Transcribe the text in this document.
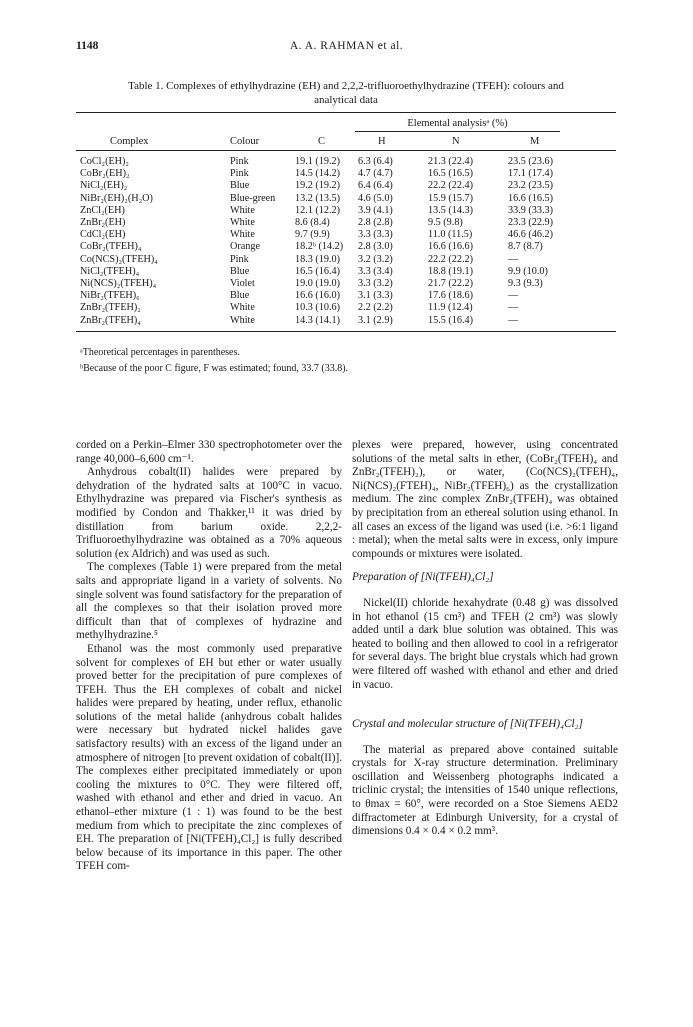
1148	A. A. RAHMAN et al.
Table 1. Complexes of ethylhydrazine (EH) and 2,2,2-trifluoroethylhydrazine (TFEH): colours and
analytical data
Elemental analysisᵃ (%)
Complex	Colour	C	H	N	M
CoCl₂(EH)₂	Pink	19.1 (19.2) 6.3 (6.4)	21.3 (22.4)	23.5 (23.6)
CoBr₂(EH)₂	Pink	14.5 (14.2) 4.7 (4.7)	16.5 (16.5)	17.1 (17.4)
NiCl₂(EH)₂	Blue	19.2 (19.2) 6.4 (6.4)	22.2 (22.4)	23.2 (23.5)
NiBr₂(EH)₂(H₂O)	Blue-green 13.2 (13.5) 4.6 (5.0)	15.9 (15.7)	16.6 (16.5)
ZnCl₂(EH)	White	12.1 (12.2) 3.9 (4.1)	13.5 (14.3)	33.9 (33.3)
ZnBr₂(EH)	White	8.6 (8.4)	2.8 (2.8)	9.5 (9.8)	23.3 (22.9)
CdCl₂(EH)	White	9.7 (9.9)	3.3 (3.3)	11.0 (11.5)	46.6 (46.2)
CoBr₂(TFEH)₄	Orange	18.2ᵇ (14.2) 2.8 (3.0)	16.6 (16.6)	8.7 (8.7)
Co(NCS)₂(TFEH)₄	Pink	18.3 (19.0) 3.2 (3.2)	22.2 (22.2)	—
NiCl₂(TFEH)₄	Blue	16.5 (16.4) 3.3 (3.4)	18.8 (19.1)	9.9 (10.0)
Ni(NCS)₂(TFEH)₄	Violet	19.0 (19.0) 3.3 (3.2)	21.7 (22.2)	9.3 (9.3)
NiBr₂(TFEH)₆	Blue	16.6 (16.0) 3.1 (3.3)	17.6 (18.6)	—
ZnBr₂(TFEH)₂	White	10.3 (10.6) 2.2 (2.2)	11.9 (12.4)	—
ZnBr₂(TFEH)₄	White	14.3 (14.1) 3.1 (2.9)	15.5 (16.4)	—
ᵃTheoretical percentages in parentheses.
ᵇBecause of the poor C figure, F was estimated; found, 33.7 (33.8).

corded on a Perkin–Elmer 330 spectrophotometer over the range 40,000–6,600 cm⁻¹.

Anhydrous cobalt(II) halides were prepared by dehydration of the hydrated salts at 100°C in vacuo. Ethylhydrazine was prepared via Fischer's synthesis as modified by Condon and Thakker,¹¹ it was dried by distillation from barium oxide. 2,2,2-Trifluoroethylhydrazine was obtained as a 70% aqueous solution (ex Aldrich) and was used as such.

The complexes (Table 1) were prepared from the metal salts and appropriate ligand in a variety of solvents. No single solvent was found satisfactory for the preparation of all the complexes so that their isolation proved more difficult than that of complexes of hydrazine and methylhydrazine.⁵

Ethanol was the most commonly used preparative solvent for complexes of EH but ether or water usually proved better for the precipitation of pure complexes of TFEH. Thus the EH complexes of cobalt and nickel halides were prepared by heating, under reflux, ethanolic solutions of the metal halide (anhydrous cobalt halides were necessary but hydrated nickel halides gave satisfactory results) with an excess of the ligand under an atmosphere of nitrogen [to prevent oxidation of cobalt(II)]. The complexes either precipitated immediately or upon cooling the mixtures to 0°C. They were filtered off, washed with ethanol and ether and dried in vacuo. An ethanol–ether mixture (1 : 1) was found to be the best medium from which to precipitate the zinc complexes of EH. The preparation of [Ni(TFEH)₄Cl₂] is fully described below because of its importance in this paper. The other TFEH com-

plexes were prepared, however, using concentrated solutions of the metal salts in ether, (CoBr₂(TFEH)₄ and ZnBr₂(TFEH)₂), or water, (Co(NCS)₂(TFEH)₄, Ni(NCS)₂(FTEH)₄, NiBr₂(TFEH)₆) as the crystallization medium. The zinc complex ZnBr₂(TFEH)₄ was obtained by precipitation from an ethereal solution using ethanol. In all cases an excess of the ligand was used (i.e. >6:1 ligand : metal); when the metal salts were in excess, only impure compounds or mixtures were isolated.

Preparation of [Ni(TFEH)₄Cl₂]

Nickel(II) chloride hexahydrate (0.48 g) was dissolved in hot ethanol (15 cm³) and TFEH (2 cm³) was slowly added until a dark blue solution was obtained. This was heated to boiling and then allowed to cool in a refrigerator for several days. The bright blue crystals which had grown were filtered off washed with ethanol and ether and dried in vacuo.

Crystal and molecular structure of [Ni(TFEH)₄Cl₂]

The material as prepared above contained suitable crystals for X-ray structure determination. Preliminary oscillation and Weissenberg photographs indicated a triclinic crystal; the intensities of 1540 unique reflections, to θmax = 60°, were recorded on a Stoe Siemens AED2 diffractometer at Edinburgh University, for a crystal of dimensions 0.4 × 0.4 × 0.2 mm³.
